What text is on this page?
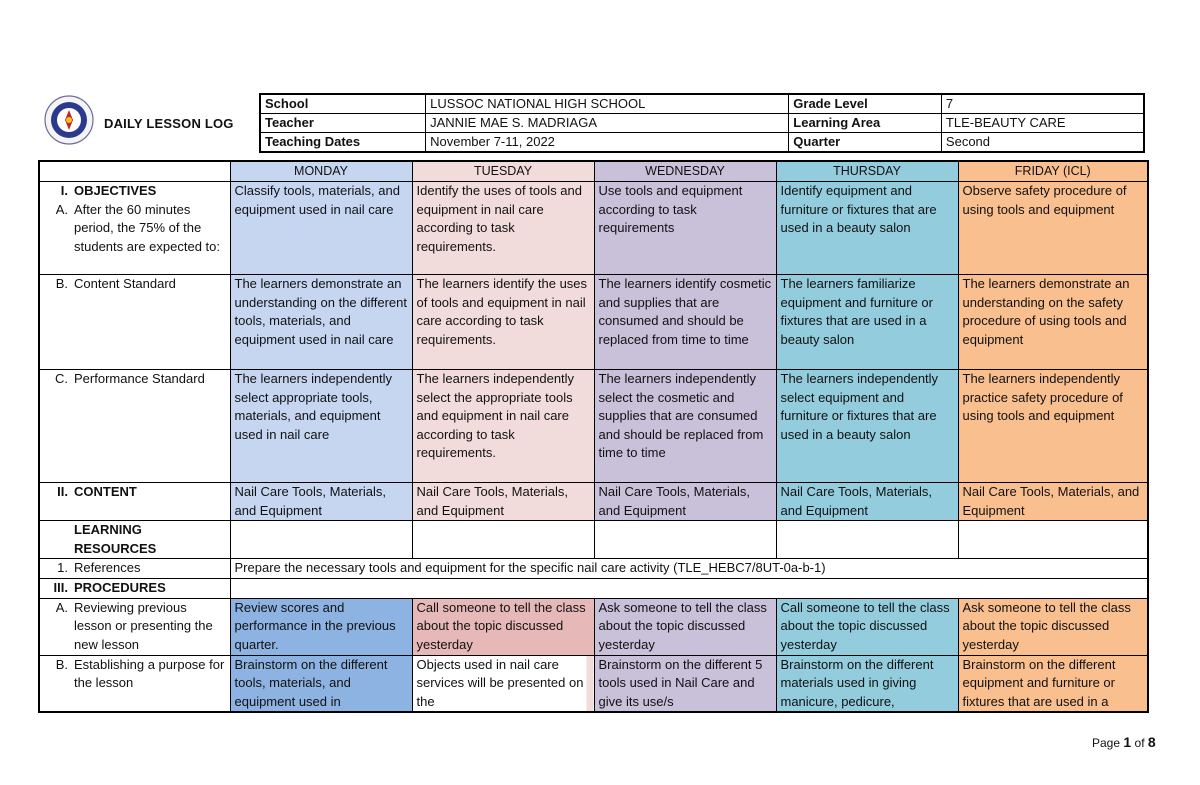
DAILY LESSON LOG
School	LUSSOC NATIONAL HIGH SCHOOL	Grade Level	7
Teacher	JANNIE MAE S. MADRIAGA	Learning Area	TLE-BEAUTY CARE
Teaching Dates	November 7-11, 2022	Quarter	Second
	MONDAY	TUESDAY	WEDNESDAY	THURSDAY	FRIDAY (ICL)

I. OBJECTIVES
A. After the 60 minutes period, the 75% of the students are expected to:	Classify tools, materials, and equipment used in nail care	Identify the uses of tools and equipment in nail care according to task requirements.	Use tools and equipment according to task requirements	Identify equipment and furniture or fixtures that are used in a beauty salon	Observe safety procedure of using tools and equipment

B. Content Standard	The learners demonstrate an understanding on the different tools, materials, and equipment used in nail care	The learners identify the uses of tools and equipment in nail care according to task requirements.	The learners identify cosmetic and supplies that are consumed and should be replaced from time to time	The learners familiarize equipment and furniture or fixtures that are used in a beauty salon	The learners demonstrate an understanding on the safety procedure of using tools and equipment

C. Performance Standard	The learners independently select appropriate tools, materials, and equipment used in nail care	The learners independently select the appropriate tools and equipment in nail care according to task requirements.	The learners independently select the cosmetic and supplies that are consumed and should be replaced from time to time	The learners independently select equipment and furniture or fixtures that are used in a beauty salon	The learners independently practice safety procedure of using tools and equipment

II. CONTENT	Nail Care Tools, Materials, and Equipment	Nail Care Tools, Materials, and Equipment	Nail Care Tools, Materials, and Equipment	Nail Care Tools, Materials, and Equipment	Nail Care Tools, Materials, and Equipment

LEARNING RESOURCES					

1. References	Prepare the necessary tools and equipment for the specific nail care activity (TLE_HEBC7/8UT-0a-b-1)				

III. PROCEDURES					

A. Reviewing previous lesson or presenting the new lesson	Review scores and performance in the previous quarter.	Call someone to tell the class about the topic discussed yesterday	Ask someone to tell the class about the topic discussed yesterday	Call someone to tell the class about the topic discussed yesterday	Ask someone to tell the class about the topic discussed yesterday

B. Establishing a purpose for the lesson	Brainstorm on the different tools, materials, and equipment used in	Objects used in nail care services will be presented on the	Brainstorm on the different 5 tools used in Nail Care and give its use/s	Brainstorm on the different materials used in giving manicure, pedicure,	Brainstorm on the different equipment and furniture or fixtures that are used in a
Page 1 of 8
